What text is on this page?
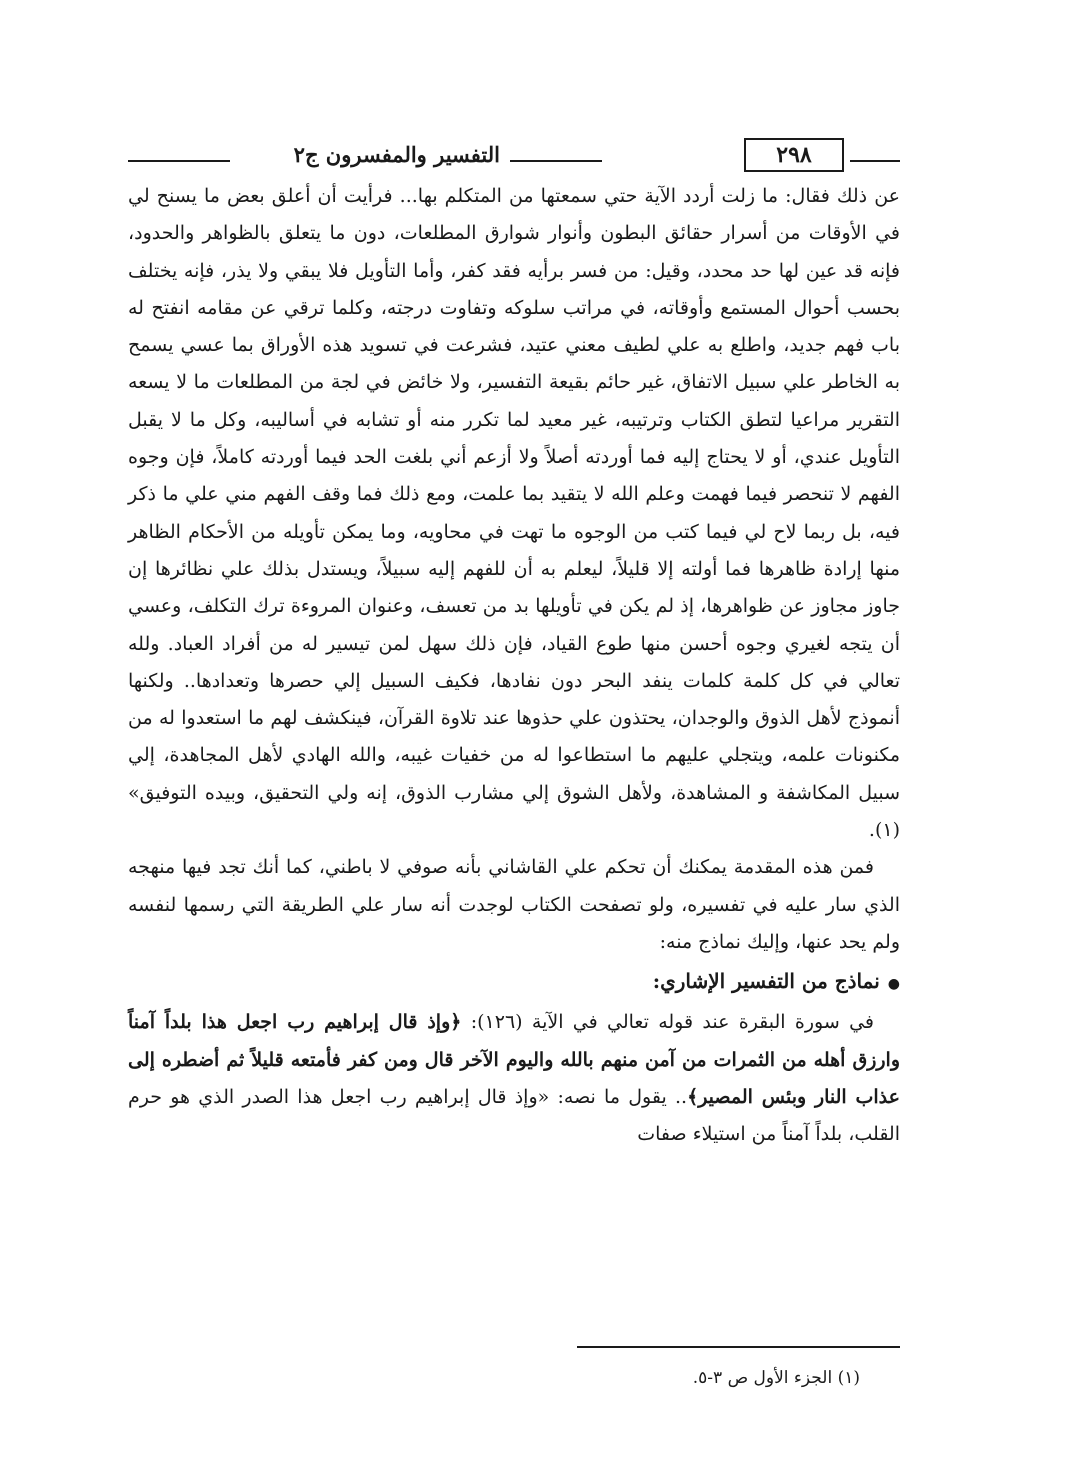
٢٩٨
التفسير والمفسرون ج٢

عن ذلك فقال: ما زلت أردد الآية حتي سمعتها من المتكلم بها... فرأيت أن أعلق بعض ما يسنح لي في الأوقات من أسرار حقائق البطون وأنوار شوارق المطلعات، دون ما يتعلق بالظواهر والحدود، فإنه قد عين لها حد محدد، وقيل: من فسر برأيه فقد كفر، وأما التأويل فلا يبقي ولا يذر، فإنه يختلف بحسب أحوال المستمع وأوقاته، في مراتب سلوكه وتفاوت درجته، وكلما ترقي عن مقامه انفتح له باب فهم جديد، واطلع به علي لطيف معني عتيد، فشرعت في تسويد هذه الأوراق بما عسي يسمح به الخاطر علي سبيل الاتفاق، غير حائم بقيعة التفسير، ولا خائض في لجة من المطلعات ما لا يسعه التقرير مراعيا لتطق الكتاب وترتيبه، غير معيد لما تكرر منه أو تشابه في أساليبه، وكل ما لا يقبل التأويل عندي، أو لا يحتاج إليه فما أوردته أصلاً ولا أزعم أني بلغت الحد فيما أوردته كاملاً، فإن وجوه الفهم لا تنحصر فيما فهمت وعلم الله لا يتقيد بما علمت، ومع ذلك فما وقف الفهم مني علي ما ذكر فيه، بل ربما لاح لي فيما كتب من الوجوه ما تهت في محاويه، وما يمكن تأويله من الأحكام الظاهر منها إرادة ظاهرها فما أولته إلا قليلاً، ليعلم به أن للفهم إليه سبيلاً، ويستدل بذلك علي نظائرها إن جاوز مجاوز عن ظواهرها، إذ لم يكن في تأويلها بد من تعسف، وعنوان المروءة ترك التكلف، وعسي أن يتجه لغيري وجوه أحسن منها طوع القياد، فإن ذلك سهل لمن تيسير له من أفراد العباد. ولله تعالي في كل كلمة كلمات ينفد البحر دون نفادها، فكيف السبيل إلي حصرها وتعدادها.. ولكنها أنموذج لأهل الذوق والوجدان، يحتذون علي حذوها عند تلاوة القرآن، فينكشف لهم ما استعدوا له من مكنونات علمه، ويتجلي عليهم ما استطاعوا له من خفيات غيبه، والله الهادي لأهل المجاهدة، إلي سبيل المكاشفة و المشاهدة، ولأهل الشوق إلي مشارب الذوق، إنه ولي التحقيق، وبيده التوفيق» (١).

فمن هذه المقدمة يمكنك أن تحكم علي القاشاني بأنه صوفي لا باطني، كما أنك تجد فيها منهجه الذي سار عليه في تفسيره، ولو تصفحت الكتاب لوجدت أنه سار علي الطريقة التي رسمها لنفسه ولم يحد عنها، وإليك نماذج منه:

●نماذج من التفسير الإشاري:

في سورة البقرة عند قوله تعالي في الآية (١٢٦): ﴿وإذ قال إبراهيم رب اجعل هذا بلداً آمناً وارزق أهله من الثمرات من آمن منهم بالله واليوم الآخر قال ومن كفر فأمتعه قليلاً ثم أضطره إلى عذاب النار وبئس المصير﴾.. يقول ما نصه: «وإذ قال إبراهيم رب اجعل هذا الصدر الذي هو حرم القلب، بلداً آمناً من استيلاء صفات

(١) الجزء الأول ص ٣-٥.
